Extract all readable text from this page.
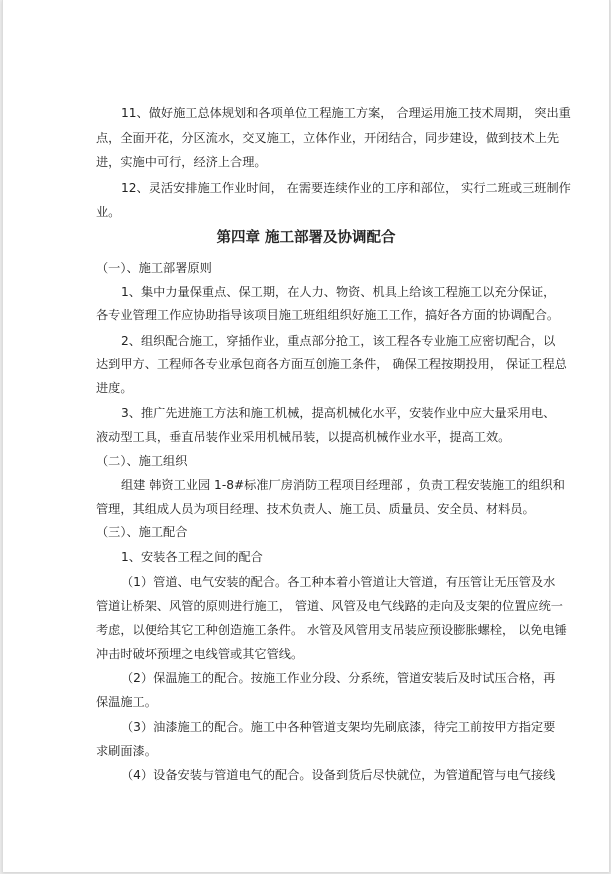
11、做好施工总体规划和各项单位工程施工方案， 合理运用施工技术周期， 突出重

点，全面开花，分区流水，交叉施工，立体作业，开闭结合，同步建设，做到技术上先

进，实施中可行，经济上合理。

12、灵活安排施工作业时间， 在需要连续作业的工序和部位， 实行二班或三班制作

业。

第四章 施工部署及协调配合

（一）、施工部署原则

1、集中力量保重点、保工期，在人力、物资、机具上给该工程施工以充分保证，

各专业管理工作应协助指导该项目施工班组组织好施工工作，搞好各方面的协调配合。

2、组织配合施工，穿插作业，重点部分抢工，该工程各专业施工应密切配合，以

达到甲方、工程师各专业承包商各方面互创施工条件， 确保工程按期投用， 保证工程总

进度。

3、推广先进施工方法和施工机械，提高机械化水平，安装作业中应大量采用电、

液动型工具，垂直吊装作业采用机械吊装，以提高机械作业水平，提高工效。

（二）、施工组织

组建 韩资工业园 1-8#标准厂房消防工程项目经理部 ，负责工程安装施工的组织和

管理，其组成人员为项目经理、技术负责人、施工员、质量员、安全员、材料员。

（三）、施工配合

1、安装各工程之间的配合

（1）管道、电气安装的配合。各工种本着小管道让大管道，有压管让无压管及水

管道让桥架、风管的原则进行施工， 管道、风管及电气线路的走向及支架的位置应统一

考虑，以便给其它工种创造施工条件。 水管及风管用支吊装应预设膨胀螺栓， 以免电锤

冲击时破坏预埋之电线管或其它管线。

（2）保温施工的配合。按施工作业分段、分系统，管道安装后及时试压合格，再

保温施工。

（3）油漆施工的配合。施工中各种管道支架均先刷底漆，待完工前按甲方指定要

求刷面漆。

（4）设备安装与管道电气的配合。设备到货后尽快就位，为管道配管与电气接线
